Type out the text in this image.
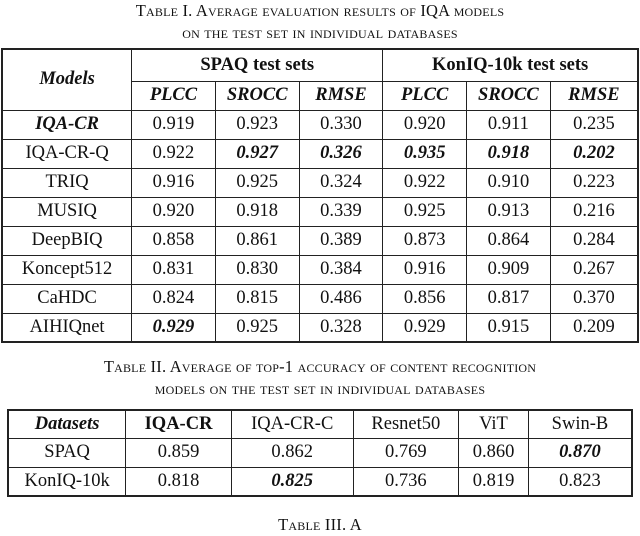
Table I. Average evaluation results of IQA models
on the test set in individual databases
Models	SPAQ test sets			KonIQ-10k test sets		
	PLCC	SROCC	RMSE	PLCC	SROCC	RMSE
IQA-CR	0.919	0.923	0.330	0.920	0.911	0.235
IQA-CR-Q	0.922	0.927	0.326	0.935	0.918	0.202
TRIQ	0.916	0.925	0.324	0.922	0.910	0.223
MUSIQ	0.920	0.918	0.339	0.925	0.913	0.216
DeepBIQ	0.858	0.861	0.389	0.873	0.864	0.284
Koncept512	0.831	0.830	0.384	0.916	0.909	0.267
CaHDC	0.824	0.815	0.486	0.856	0.817	0.370
AIHIQnet	0.929	0.925	0.328	0.929	0.915	0.209
Table II. Average of top-1 accuracy of content recognition
models on the test set in individual databases
Datasets	IQA-CR	IQA-CR-C	Resnet50	ViT	Swin-B
SPAQ	0.859	0.862	0.769	0.860	0.870
KonIQ-10k	0.818	0.825	0.736	0.819	0.823
Table III. A
